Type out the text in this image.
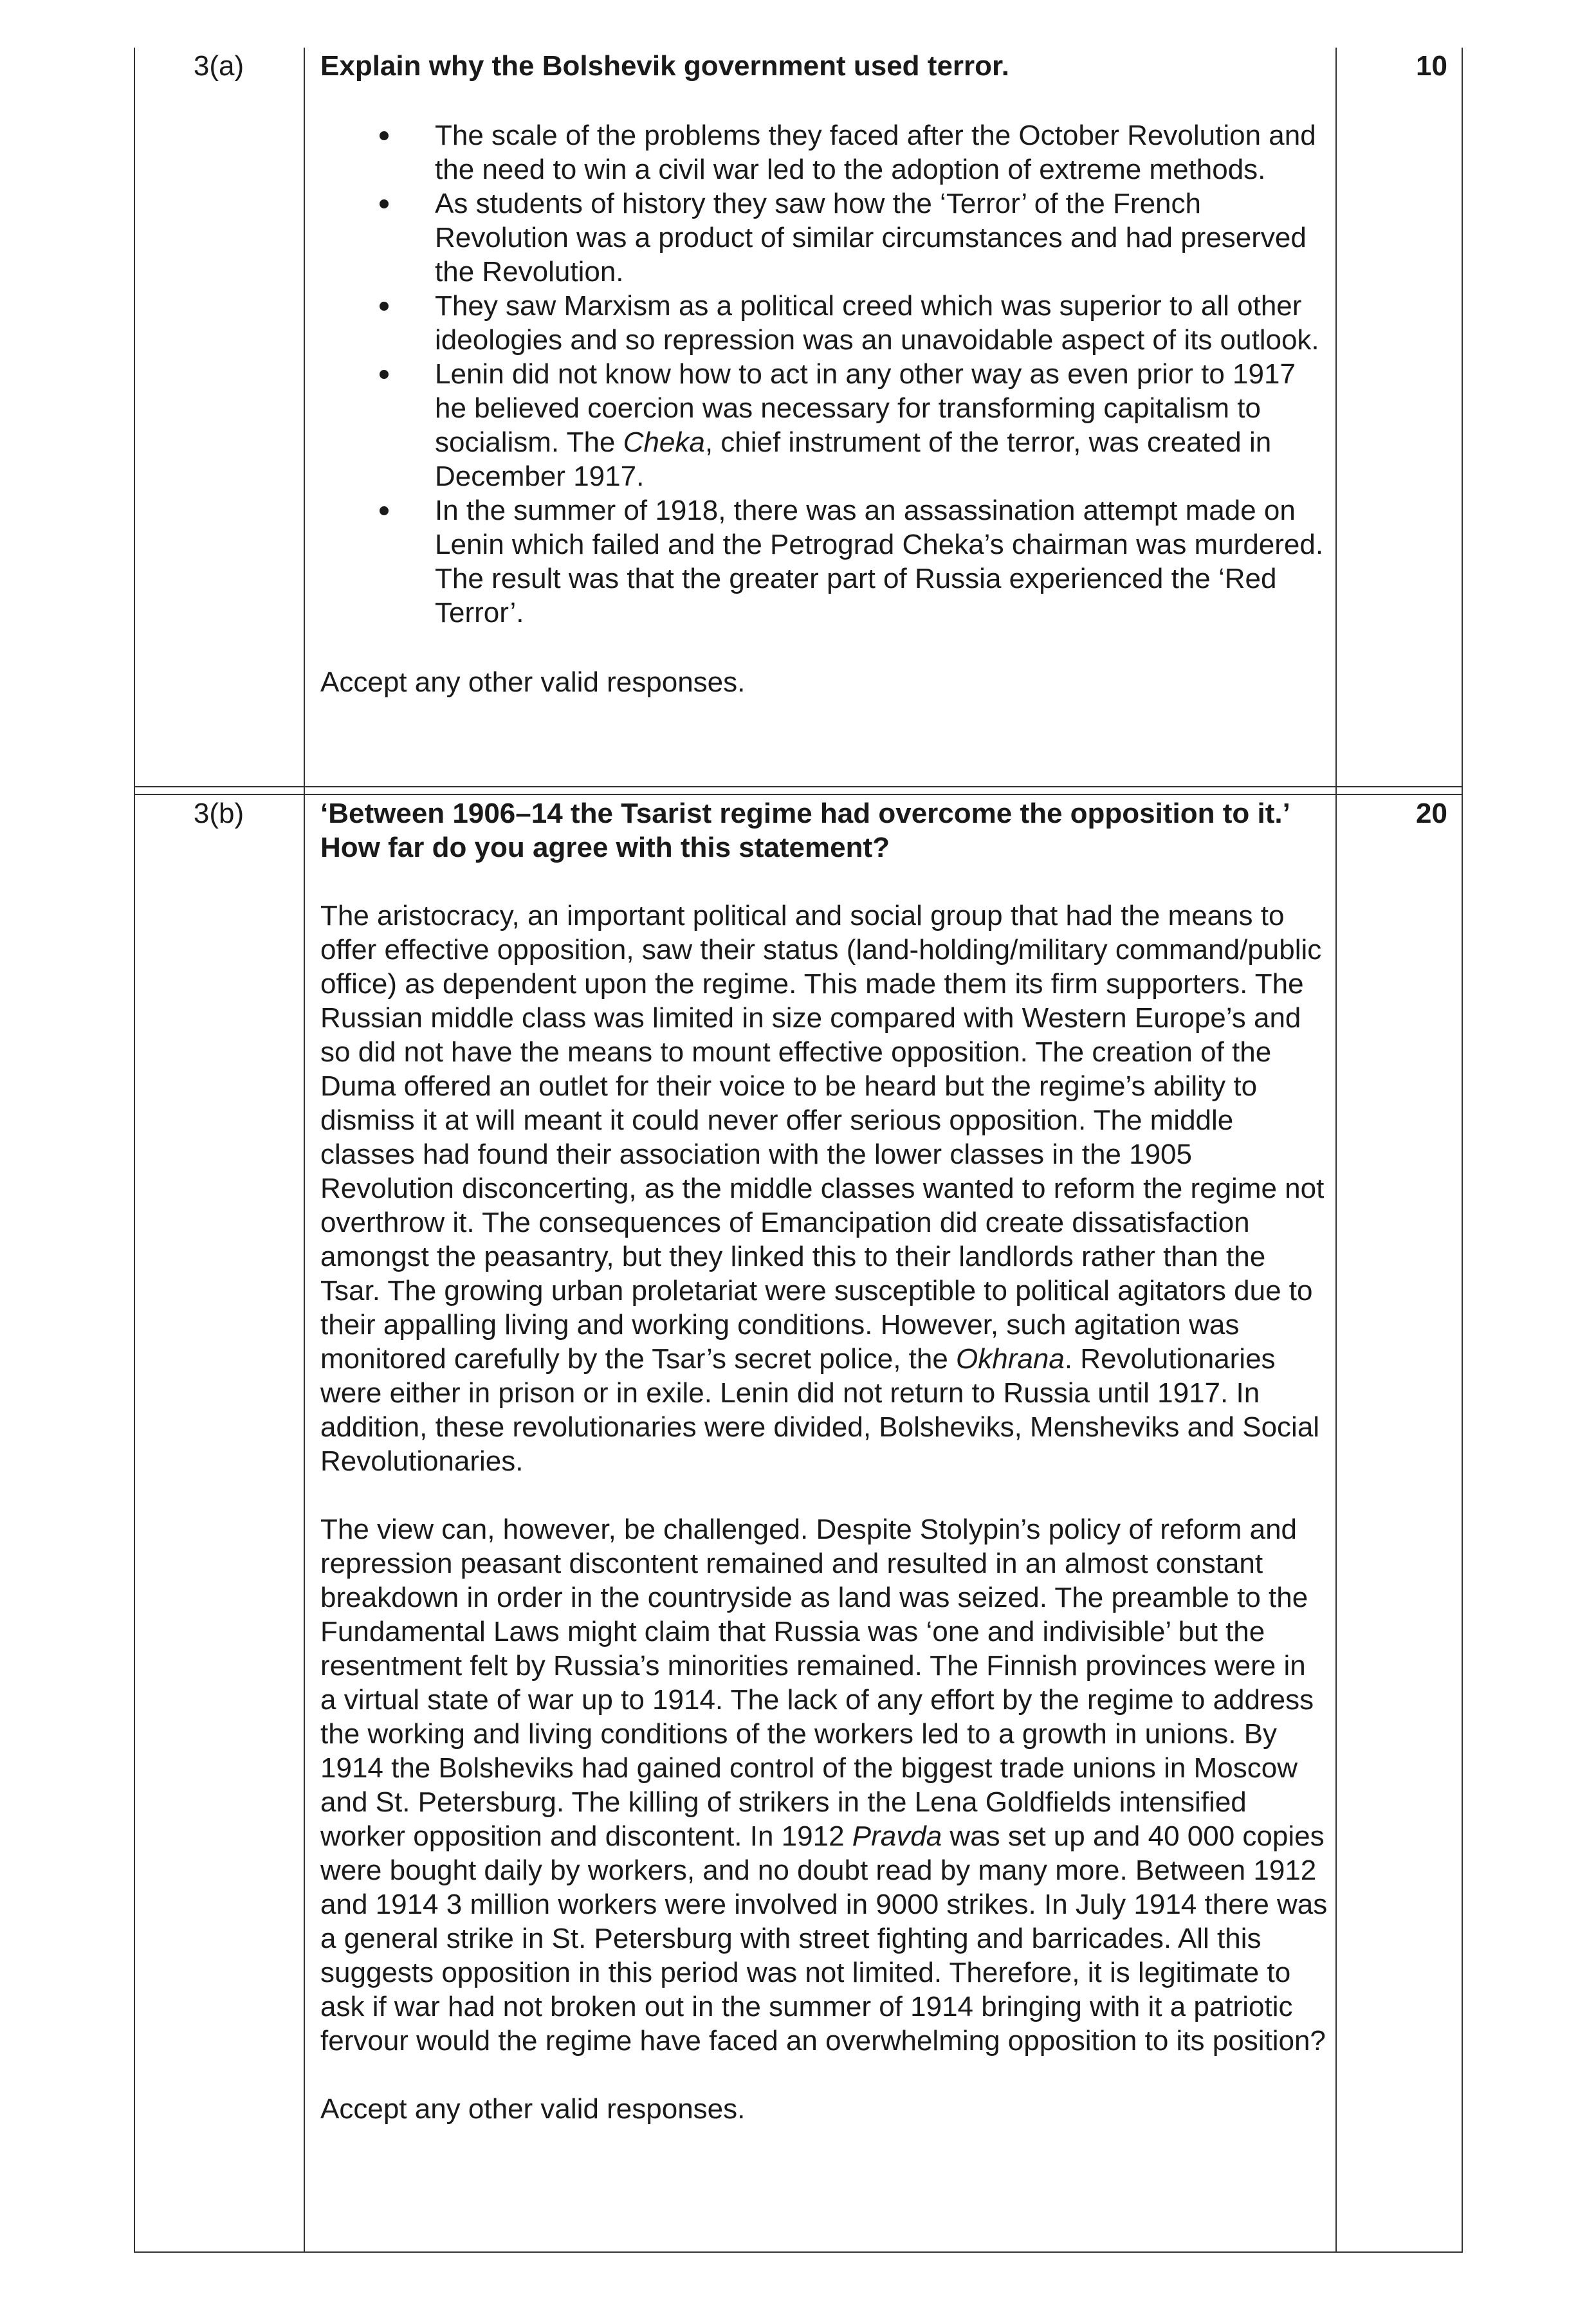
3(a)	Explain why the Bolshevik government used terror.

The scale of the problems they faced after the October Revolution and the need to win a civil war led to the adoption of extreme methods.
As students of history they saw how the ‘Terror’ of the French Revolution was a product of similar circumstances and had preserved the Revolution.
They saw Marxism as a political creed which was superior to all other ideologies and so repression was an unavoidable aspect of its outlook.
Lenin did not know how to act in any other way as even prior to 1917 he believed coercion was necessary for transforming capitalism to socialism. The Cheka, chief instrument of the terror, was created in December 1917.
In the summer of 1918, there was an assassination attempt made on Lenin which failed and the Petrograd Cheka’s chairman was murdered. The result was that the greater part of Russia experienced the ‘Red Terror’.

Accept any other valid responses.

10
3(b)	‘Between 1906–14 the Tsarist regime had overcome the opposition to it.’ How far do you agree with this statement?

The aristocracy, an important political and social group that had the means to offer effective opposition, saw their status (land-holding/military command/public office) as dependent upon the regime. This made them its firm supporters. The Russian middle class was limited in size compared with Western Europe’s and so did not have the means to mount effective opposition. The creation of the Duma offered an outlet for their voice to be heard but the regime’s ability to dismiss it at will meant it could never offer serious opposition. The middle classes had found their association with the lower classes in the 1905 Revolution disconcerting, as the middle classes wanted to reform the regime not overthrow it. The consequences of Emancipation did create dissatisfaction amongst the peasantry, but they linked this to their landlords rather than the Tsar. The growing urban proletariat were susceptible to political agitators due to their appalling living and working conditions. However, such agitation was monitored carefully by the Tsar’s secret police, the Okhrana. Revolutionaries were either in prison or in exile. Lenin did not return to Russia until 1917. In addition, these revolutionaries were divided, Bolsheviks, Mensheviks and Social Revolutionaries.

The view can, however, be challenged. Despite Stolypin’s policy of reform and repression peasant discontent remained and resulted in an almost constant breakdown in order in the countryside as land was seized. The preamble to the Fundamental Laws might claim that Russia was ‘one and indivisible’ but the resentment felt by Russia’s minorities remained. The Finnish provinces were in a virtual state of war up to 1914. The lack of any effort by the regime to address the working and living conditions of the workers led to a growth in unions. By 1914 the Bolsheviks had gained control of the biggest trade unions in Moscow and St. Petersburg. The killing of strikers in the Lena Goldfields intensified worker opposition and discontent. In 1912 Pravda was set up and 40 000 copies were bought daily by workers, and no doubt read by many more. Between 1912 and 1914 3 million workers were involved in 9000 strikes. In July 1914 there was a general strike in St. Petersburg with street fighting and barricades. All this suggests opposition in this period was not limited. Therefore, it is legitimate to ask if war had not broken out in the summer of 1914 bringing with it a patriotic fervour would the regime have faced an overwhelming opposition to its position?

Accept any other valid responses.

20
